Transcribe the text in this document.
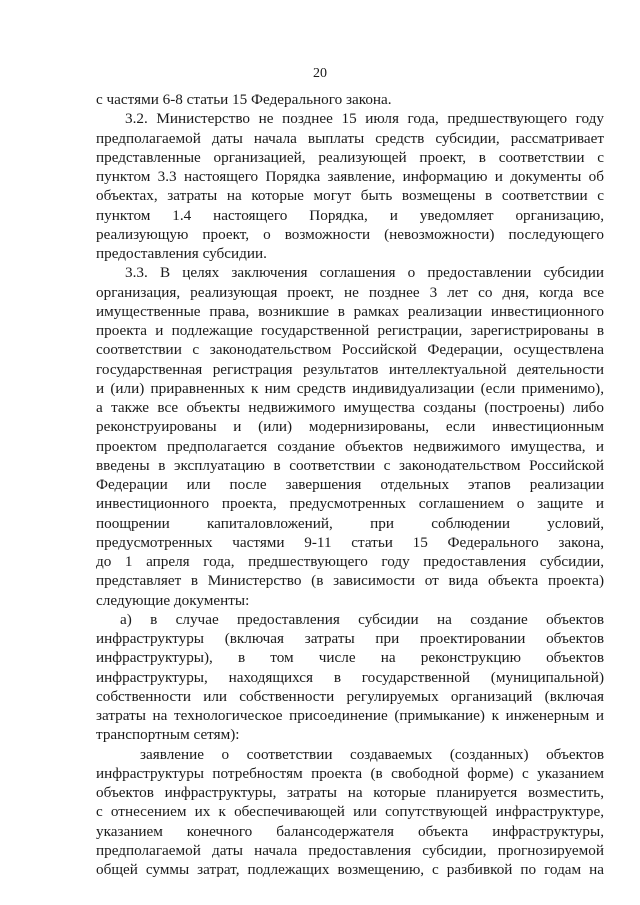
20
с частями 6-8 статьи 15 Федерального закона.
3.2. Министерство не позднее 15 июля года, предшествующего году
предполагаемой даты начала выплаты средств субсидии, рассматривает
представленные организацией, реализующей проект, в соответствии с
пунктом 3.3 настоящего Порядка заявление, информацию и документы об
объектах, затраты на которые могут быть возмещены в соответствии с
пунктом 1.4 настоящего Порядка, и уведомляет организацию,
реализующую проект, о возможности (невозможности) последующего
предоставления субсидии.
3.3. В целях заключения соглашения о предоставлении субсидии
организация, реализующая проект, не позднее 3 лет со дня, когда все
имущественные права, возникшие в рамках реализации инвестиционного
проекта и подлежащие государственной регистрации, зарегистрированы в
соответствии с законодательством Российской Федерации, осуществлена
государственная регистрация результатов интеллектуальной деятельности
и (или) приравненных к ним средств индивидуализации (если применимо),
а также все объекты недвижимого имущества созданы (построены) либо
реконструированы и (или) модернизированы, если инвестиционным
проектом предполагается создание объектов недвижимого имущества, и
введены в эксплуатацию в соответствии с законодательством Российской
Федерации или после завершения отдельных этапов реализации
инвестиционного проекта, предусмотренных соглашением о защите и
поощрении капиталовложений, при соблюдении условий,
предусмотренных частями 9-11 статьи 15 Федерального закона,
до 1 апреля года, предшествующего году предоставления субсидии,
представляет в Министерство (в зависимости от вида объекта проекта)
следующие документы:
а) в случае предоставления субсидии на создание объектов
инфраструктуры (включая затраты при проектировании объектов
инфраструктуры), в том числе на реконструкцию объектов
инфраструктуры, находящихся в государственной (муниципальной)
собственности или собственности регулируемых организаций (включая
затраты на технологическое присоединение (примыкание) к инженерным и
транспортным сетям):
заявление о соответствии создаваемых (созданных) объектов
инфраструктуры потребностям проекта (в свободной форме) с указанием
объектов инфраструктуры, затраты на которые планируется возместить,
с отнесением их к обеспечивающей или сопутствующей инфраструктуре,
указанием конечного балансодержателя объекта инфраструктуры,
предполагаемой даты начала предоставления субсидии, прогнозируемой
общей суммы затрат, подлежащих возмещению, с разбивкой по годам на
